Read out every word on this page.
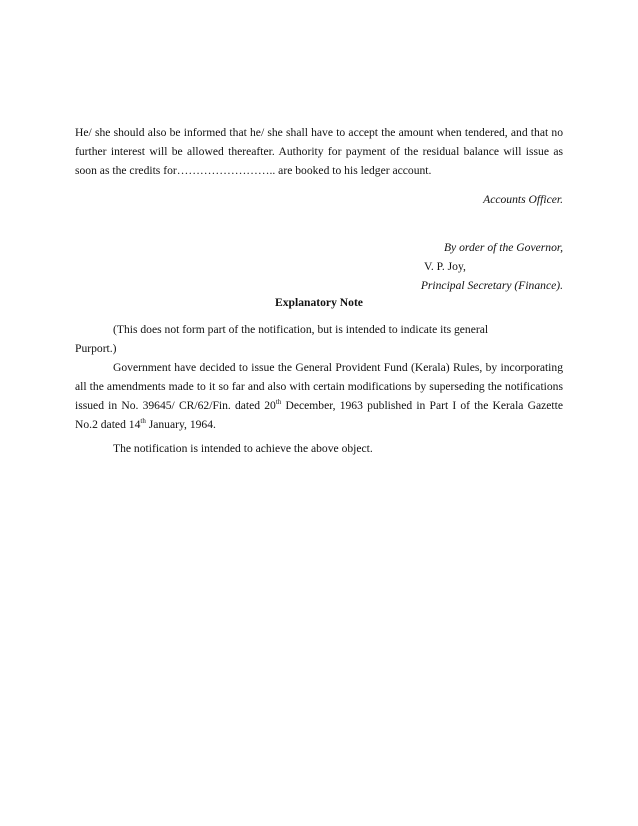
He/ she should also be informed that he/ she shall have to accept the amount when tendered, and that no further interest will be allowed thereafter. Authority for payment of the residual balance will issue as soon as the credits for…………………….. are booked to his ledger account.
Accounts Officer.
By order of the Governor,
V. P. Joy,
Principal Secretary (Finance).
Explanatory Note
(This does not form part of the notification, but is intended to indicate its general
Purport.)
Government have decided to issue the General Provident Fund (Kerala) Rules, by incorporating all the amendments made to it so far and also with certain modifications by superseding the notifications issued in No. 39645/ CR/62/Fin. dated 20th December, 1963 published in Part I of the Kerala Gazette No.2 dated 14th January, 1964.
The notification is intended to achieve the above object.
